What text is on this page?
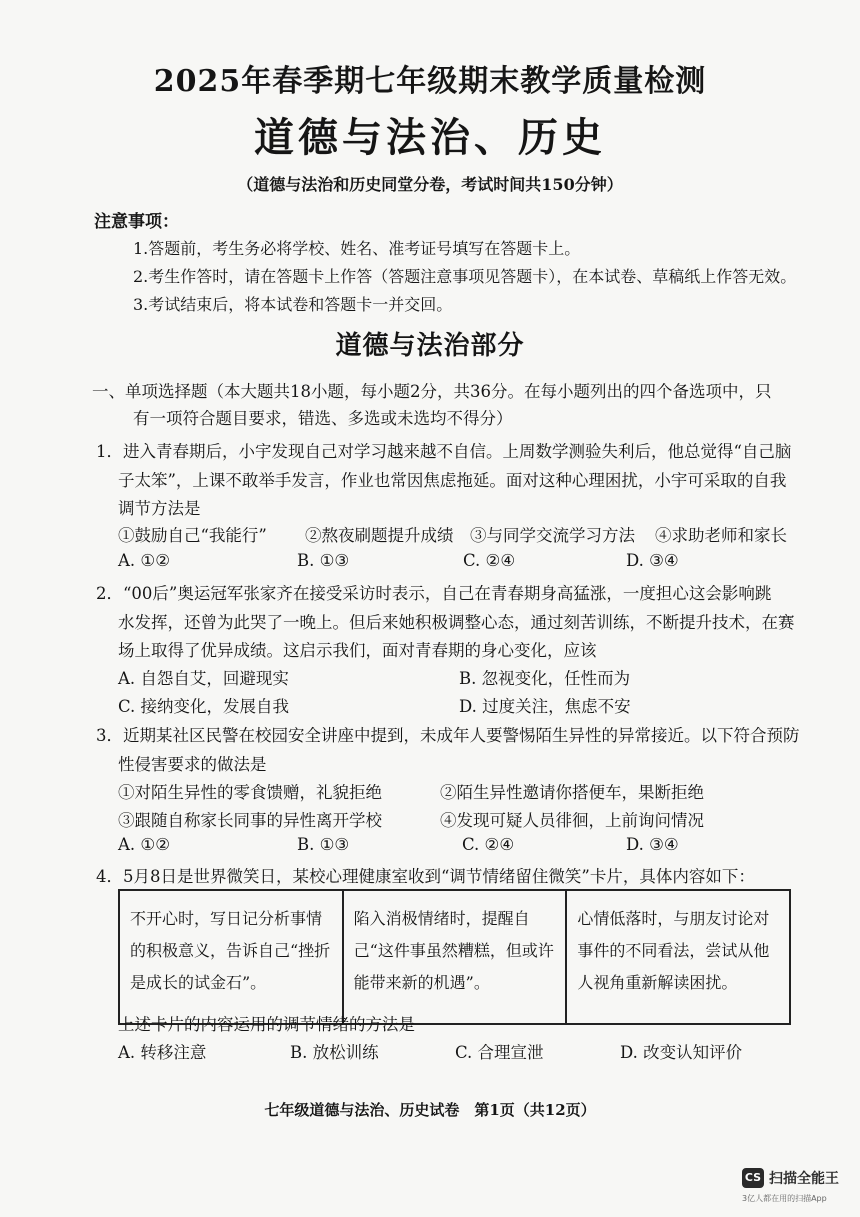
2025年春季期七年级期末教学质量检测
道德与法治、历史
（道德与法治和历史同堂分卷，考试时间共150分钟）
注意事项：
1.答题前，考生务必将学校、姓名、准考证号填写在答题卡上。
2.考生作答时，请在答题卡上作答（答题注意事项见答题卡），在本试卷、草稿纸上作答无效。
3.考试结束后，将本试卷和答题卡一并交回。
道德与法治部分
一、单项选择题（本大题共18小题，每小题2分，共36分。在每小题列出的四个备选项中，只
有一项符合题目要求，错选、多选或未选均不得分）
1．进入青春期后，小宇发现自己对学习越来越不自信。上周数学测验失利后，他总觉得“自己脑
子太笨”，上课不敢举手发言，作业也常因焦虑拖延。面对这种心理困扰，小宇可采取的自我
调节方法是
①鼓励自己“我能行” ②熬夜刷题提升成绩 ③与同学交流学习方法 ④求助老师和家长
A. ①②	B. ①③	C. ②④	D. ③④
2．“00后”奥运冠军张家齐在接受采访时表示，自己在青春期身高猛涨，一度担心这会影响跳
水发挥，还曾为此哭了一晚上。但后来她积极调整心态，通过刻苦训练，不断提升技术，在赛
场上取得了优异成绩。这启示我们，面对青春期的身心变化，应该
A. 自怨自艾，回避现实	B. 忽视变化，任性而为
C. 接纳变化，发展自我	D. 过度关注，焦虑不安
3．近期某社区民警在校园安全讲座中提到，未成年人要警惕陌生异性的异常接近。以下符合预防
性侵害要求的做法是
①对陌生异性的零食馈赠，礼貌拒绝	②陌生异性邀请你搭便车，果断拒绝
③跟随自称家长同事的异性离开学校	④发现可疑人员徘徊，上前询问情况
A. ①②	B. ①③	C. ②④	D. ③④
4．5月8日是世界微笑日，某校心理健康室收到“调节情绪留住微笑”卡片，具体内容如下：
不开心时，写日记分析事情的积极意义，告诉自己“挫折是成长的试金石”。	陷入消极情绪时，提醒自己“这件事虽然糟糕，但或许能带来新的机遇”。	心情低落时，与朋友讨论对事件的不同看法，尝试从他人视角重新解读困扰。
上述卡片的内容运用的调节情绪的方法是
A. 转移注意	B. 放松训练	C. 合理宣泄	D. 改变认知评价
七年级道德与法治、历史试卷　第1页（共12页）
CS 扫描全能王
3亿人都在用的扫描App
